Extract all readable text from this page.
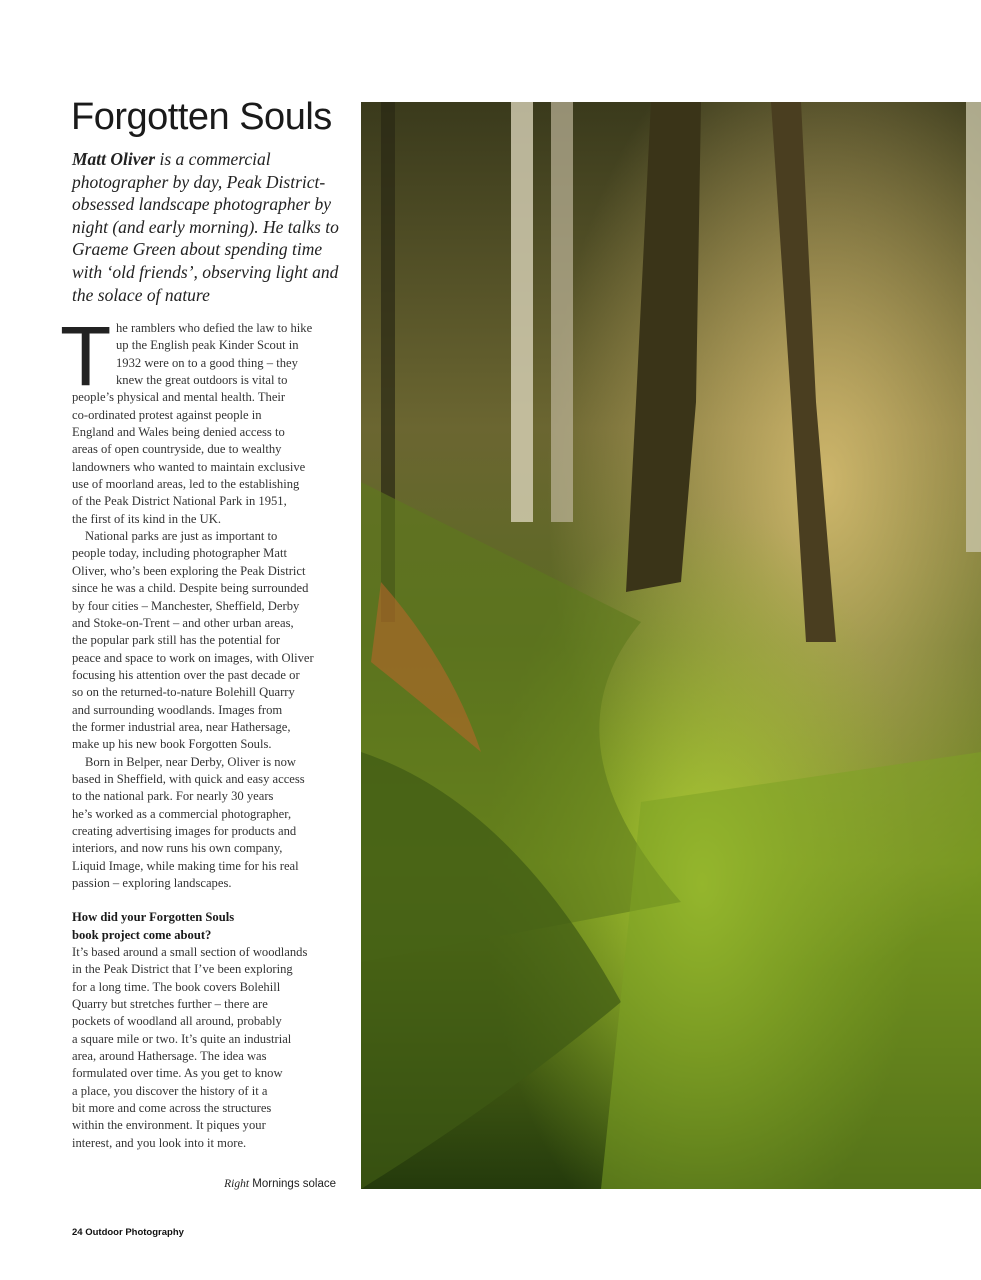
Forgotten Souls
Matt Oliver is a commercial photographer by day, Peak District-obsessed landscape photographer by night (and early morning). He talks to Graeme Green about spending time with ‘old friends’, observing light and the solace of nature
T he ramblers who defied the law to hike
up the English peak Kinder Scout in
1932 were on to a good thing – they
knew the great outdoors is vital to
people’s physical and mental health. Their
co-ordinated protest against people in
England and Wales being denied access to
areas of open countryside, due to wealthy
landowners who wanted to maintain exclusive
use of moorland areas, led to the establishing
of the Peak District National Park in 1951,
the first of its kind in the UK.
National parks are just as important to
people today, including photographer Matt
Oliver, who’s been exploring the Peak District
since he was a child. Despite being surrounded
by four cities – Manchester, Sheffield, Derby
and Stoke-on-Trent – and other urban areas,
the popular park still has the potential for
peace and space to work on images, with Oliver
focusing his attention over the past decade or
so on the returned-to-nature Bolehill Quarry
and surrounding woodlands. Images from
the former industrial area, near Hathersage,
make up his new book Forgotten Souls.
Born in Belper, near Derby, Oliver is now
based in Sheffield, with quick and easy access
to the national park. For nearly 30 years
he’s worked as a commercial photographer,
creating advertising images for products and
interiors, and now runs his own company,
Liquid Image, while making time for his real
passion – exploring landscapes.
How did your Forgotten Souls
book project come about?
It’s based around a small section of woodlands
in the Peak District that I’ve been exploring
for a long time. The book covers Bolehill
Quarry but stretches further – there are
pockets of woodland all around, probably
a square mile or two. It’s quite an industrial
area, around Hathersage. The idea was
formulated over time. As you get to know
a place, you discover the history of it a
bit more and come across the structures
within the environment. It piques your
interest, and you look into it more.
Right Mornings solace
24 Outdoor Photography
